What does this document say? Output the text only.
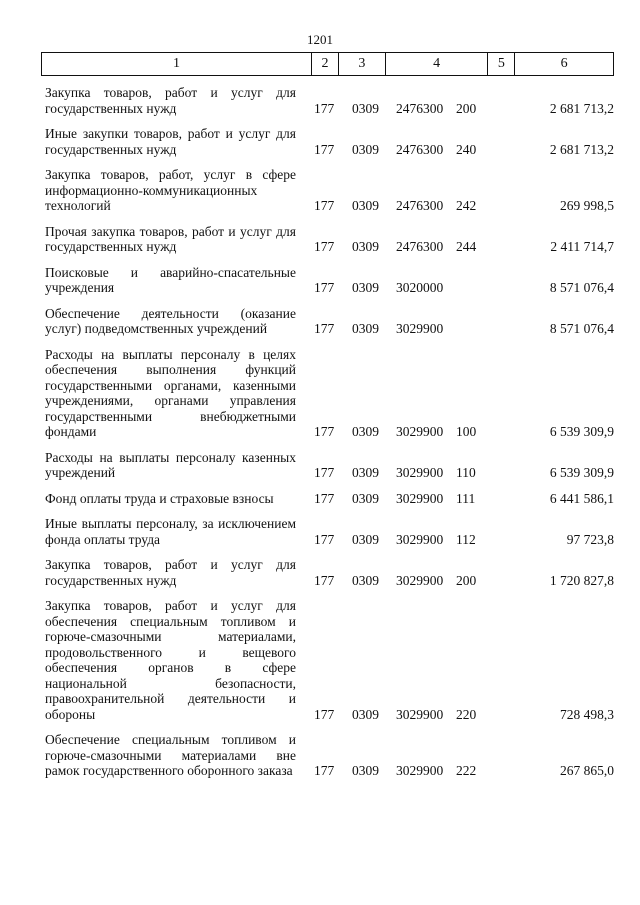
1201
1	2	3	4	5	6
Закупка товаров, работ и услуг для государственных нужд	177	0309	2476300 200	2 681 713,2
Иные закупки товаров, работ и услуг для государственных нужд	177	0309	2476300 240	2 681 713,2
Закупка товаров, работ, услуг в сфере информационно-коммуникационных технологий	177	0309	2476300 242	269 998,5
Прочая закупка товаров, работ и услуг для государственных нужд	177	0309	2476300 244	2 411 714,7
Поисковые и аварийно-спасательные учреждения	177	0309	3020000	8 571 076,4
Обеспечение деятельности (оказание услуг) подведомственных учреждений	177	0309	3029900	8 571 076,4
Расходы на выплаты персоналу в целях обеспечения выполнения функций государственными органами, казенными учреждениями, органами управления государственными внебюджетными фондами	177	0309	3029900 100	6 539 309,9
Расходы на выплаты персоналу казенных учреждений	177	0309	3029900 110	6 539 309,9
Фонд оплаты труда и страховые взносы	177	0309	3029900 111	6 441 586,1
Иные выплаты персоналу, за исключением фонда оплаты труда	177	0309	3029900 112	97 723,8
Закупка товаров, работ и услуг для государственных нужд	177	0309	3029900 200	1 720 827,8
Закупка товаров, работ и услуг для обеспечения специальным топливом и горюче-смазочными материалами, продовольственного и вещевого обеспечения органов в сфере национальной безопасности, правоохранительной деятельности и обороны	177	0309	3029900 220	728 498,3
Обеспечение специальным топливом и горюче-смазочными материалами вне рамок государственного оборонного заказа 177	0309	3029900 222	267 865,0
